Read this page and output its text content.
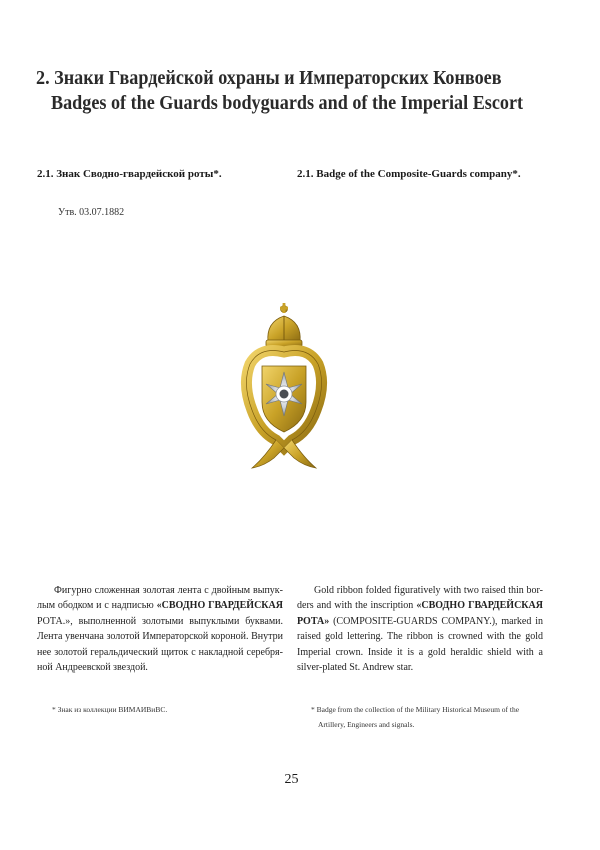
2. Знаки Гвардейской охраны и Императорских Конвоев
Badges of the Guards bodyguards and of the Imperial Escort
2.1. Знак Сводно-гвардейской роты*.	2.1. Badge of the Composite-Guards company*.
Утв. 03.07.1882

Фигурно сложенная золотая лента с двойным выпук-лым ободком и с надписью «СВОДНО ГВАРДЕЙСКАЯ РОТА.», выполненной золотыми выпуклыми буквами. Лента увенчана золотой Императорской короной. Внутри нее золотой геральдический щиток с накладной серебря-ной Андреевской звездой.

Gold ribbon folded figuratively with two raised thin bor-ders and with the inscription «СВОДНО ГВАРДЕЙСКАЯ РОТА» (COMPOSITE-GUARDS COMPANY.), marked in raised gold lettering. The ribbon is crowned with the gold Imperial crown. Inside it is a gold heraldic shield with a silver-plated St. Andrew star.

* Знак из коллекции ВИМАИВиВС.	* Badge from the collection of the Military Historical Museum of the
Artillery, Engineers and signals.
25
